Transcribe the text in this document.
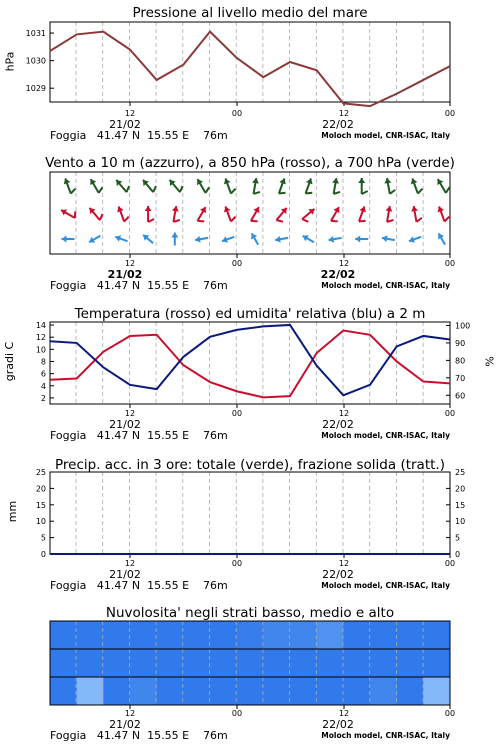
Pressione al livello medio del mare
1031
1030
1029
hPa
Vento a 10 m (azzurro), a 850 hPa (rosso), a 700 hPa (verde)
Temperatura (rosso) ed umidita' relativa (blu) a 2 m
14
12
10
8
6
4
2
100
90
80
70
60
gradi C	%
Precip. acc. in 3 ore: totale (verde), frazione solida (tratt.)
25	25
20	20
15	15
10	10
5	5
0	0
mm
Nuvolosita' negli strati basso, medio e alto
12	00	12	00
21/02	22/02
Foggia   41.47 N  15.55 E    76m	Moloch model, CNR-ISAC, Italy
12	00	12	00
21/02	22/02
Foggia   41.47 N  15.55 E    76m	Moloch model, CNR-ISAC, Italy
12	00	12	00
21/02	22/02
Foggia   41.47 N  15.55 E    76m	Moloch model, CNR-ISAC, Italy
12	00	12	00
21/02	22/02
Foggia   41.47 N  15.55 E    76m	Moloch model, CNR-ISAC, Italy
12	00	12	00
21/02	22/02
Foggia   41.47 N  15.55 E    76m	Moloch model, CNR-ISAC, Italy
